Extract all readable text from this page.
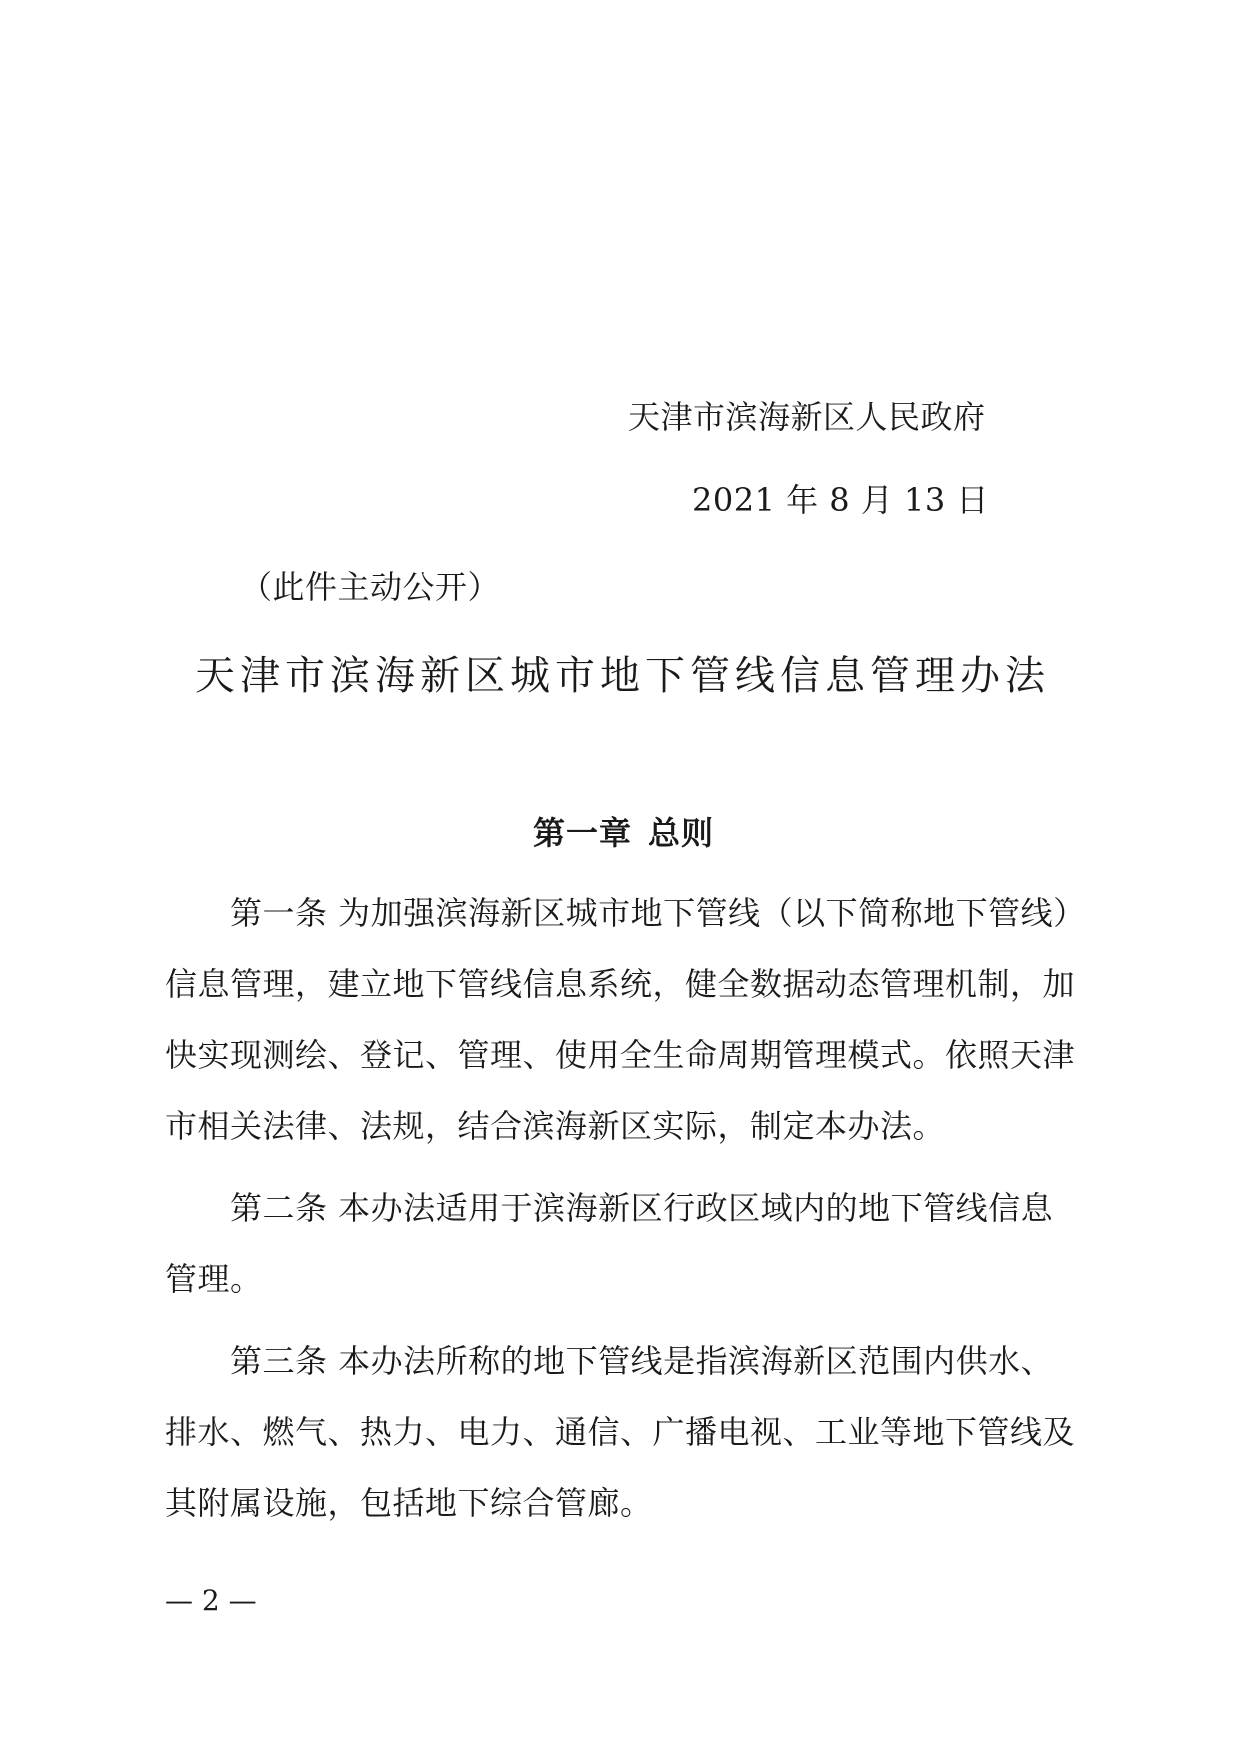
天津市滨海新区人民政府
2021 年 8 月 13 日
（此件主动公开）
天津市滨海新区城市地下管线信息管理办法
第一章 总则
第一条 为加强滨海新区城市地下管线（以下简称地下管线）
信息管理，建立地下管线信息系统，健全数据动态管理机制，加
快实现测绘、登记、管理、使用全生命周期管理模式。依照天津
市相关法律、法规，结合滨海新区实际，制定本办法。
第二条 本办法适用于滨海新区行政区域内的地下管线信息
管理。
第三条 本办法所称的地下管线是指滨海新区范围内供水、
排水、燃气、热力、电力、通信、广播电视、工业等地下管线及
其附属设施，包括地下综合管廊。
— 2 —
